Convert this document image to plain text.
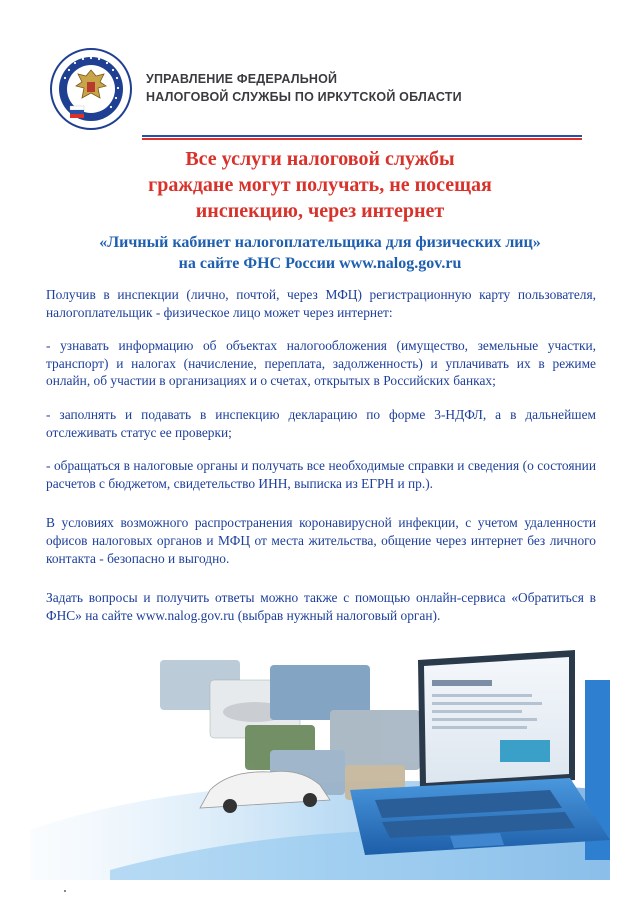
УПРАВЛЕНИЕ ФЕДЕРАЛЬНОЙ
НАЛОГОВОЙ СЛУЖБЫ ПО ИРКУТСКОЙ ОБЛАСТИ
Все услуги налоговой службы
граждане могут получать, не посещая
инспекцию, через интернет
«Личный кабинет налогоплательщика для физических лиц»
на сайте ФНС России www.nalog.gov.ru

Получив в инспекции (лично, почтой, через МФЦ) регистрационную карту пользователя, налогоплательщик - физическое лицо может через интернет:

- узнавать информацию об объектах налогообложения (имущество, земельные участки, транспорт) и налогах (начисление, переплата, задолженность) и уплачивать их в режиме онлайн, об участии в организациях и о счетах, открытых в Российских банках;

- заполнять и подавать в инспекцию декларацию по форме 3-НДФЛ, а в дальнейшем отслеживать статус ее проверки;

- обращаться в налоговые органы и получать все необходимые справки и сведения (о состоянии расчетов с бюджетом, свидетельство ИНН, выписка из ЕГРН и пр.).

В условиях возможного распространения коронавирусной инфекции, с учетом удаленности офисов налоговых органов и МФЦ от места жительства, общение через интернет без личного контакта - безопасно и выгодно.

Задать вопросы и получить ответы можно также с помощью онлайн-сервиса «Обратиться в ФНС» на сайте www.nalog.gov.ru (выбрав нужный налоговый орган).
